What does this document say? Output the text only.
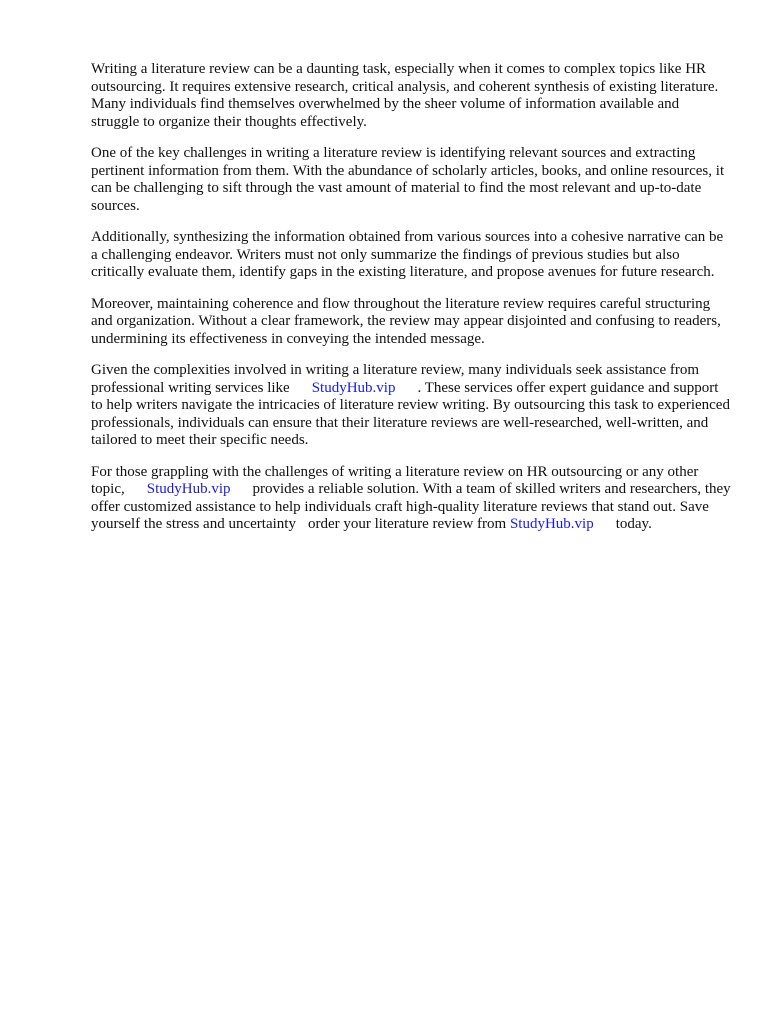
Writing a literature review can be a daunting task, especially when it comes to complex topics like HR outsourcing. It requires extensive research, critical analysis, and coherent synthesis of existing literature. Many individuals find themselves overwhelmed by the sheer volume of information available and struggle to organize their thoughts effectively.

One of the key challenges in writing a literature review is identifying relevant sources and extracting pertinent information from them. With the abundance of scholarly articles, books, and online resources, it can be challenging to sift through the vast amount of material to find the most relevant and up-to-date sources.

Additionally, synthesizing the information obtained from various sources into a cohesive narrative can be a challenging endeavor. Writers must not only summarize the findings of previous studies but also critically evaluate them, identify gaps in the existing literature, and propose avenues for future research.

Moreover, maintaining coherence and flow throughout the literature review requires careful structuring and organization. Without a clear framework, the review may appear disjointed and confusing to readers, undermining its effectiveness in conveying the intended message.

Given the complexities involved in writing a literature review, many individuals seek assistance from professional writing services like StudyHub.vip . These services offer expert guidance and support to help writers navigate the intricacies of literature review writing. By outsourcing this task to experienced professionals, individuals can ensure that their literature reviews are well-researched, well-written, and tailored to meet their specific needs.

For those grappling with the challenges of writing a literature review on HR outsourcing or any other topic, StudyHub.vip provides a reliable solution. With a team of skilled writers and researchers, they offer customized assistance to help individuals craft high-quality literature reviews that stand out. Save yourself the stress and uncertainty order your literature review from StudyHub.vip today.
